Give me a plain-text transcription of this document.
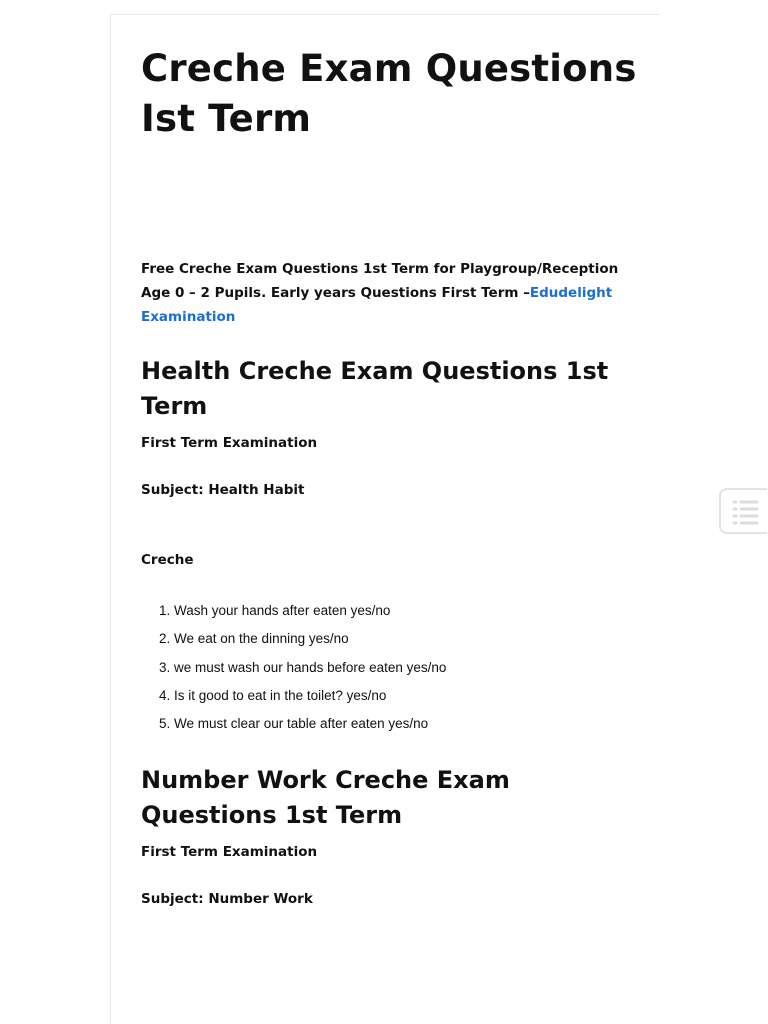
Creche Exam Questions Ist Term

Free Creche Exam Questions 1st Term for Playgroup/Reception Age 0 – 2 Pupils. Early years Questions First Term –Edudelight Examination

Health Creche Exam Questions 1st Term
First Term Examination
Subject: Health Habit
Creche
1. Wash your hands after eaten yes/no
2. We eat on the dinning yes/no
3. we must wash our hands before eaten yes/no
4. Is it good to eat in the toilet? yes/no
5. We must clear our table after eaten yes/no
Number Work Creche Exam Questions 1st Term
First Term Examination
Subject: Number Work
